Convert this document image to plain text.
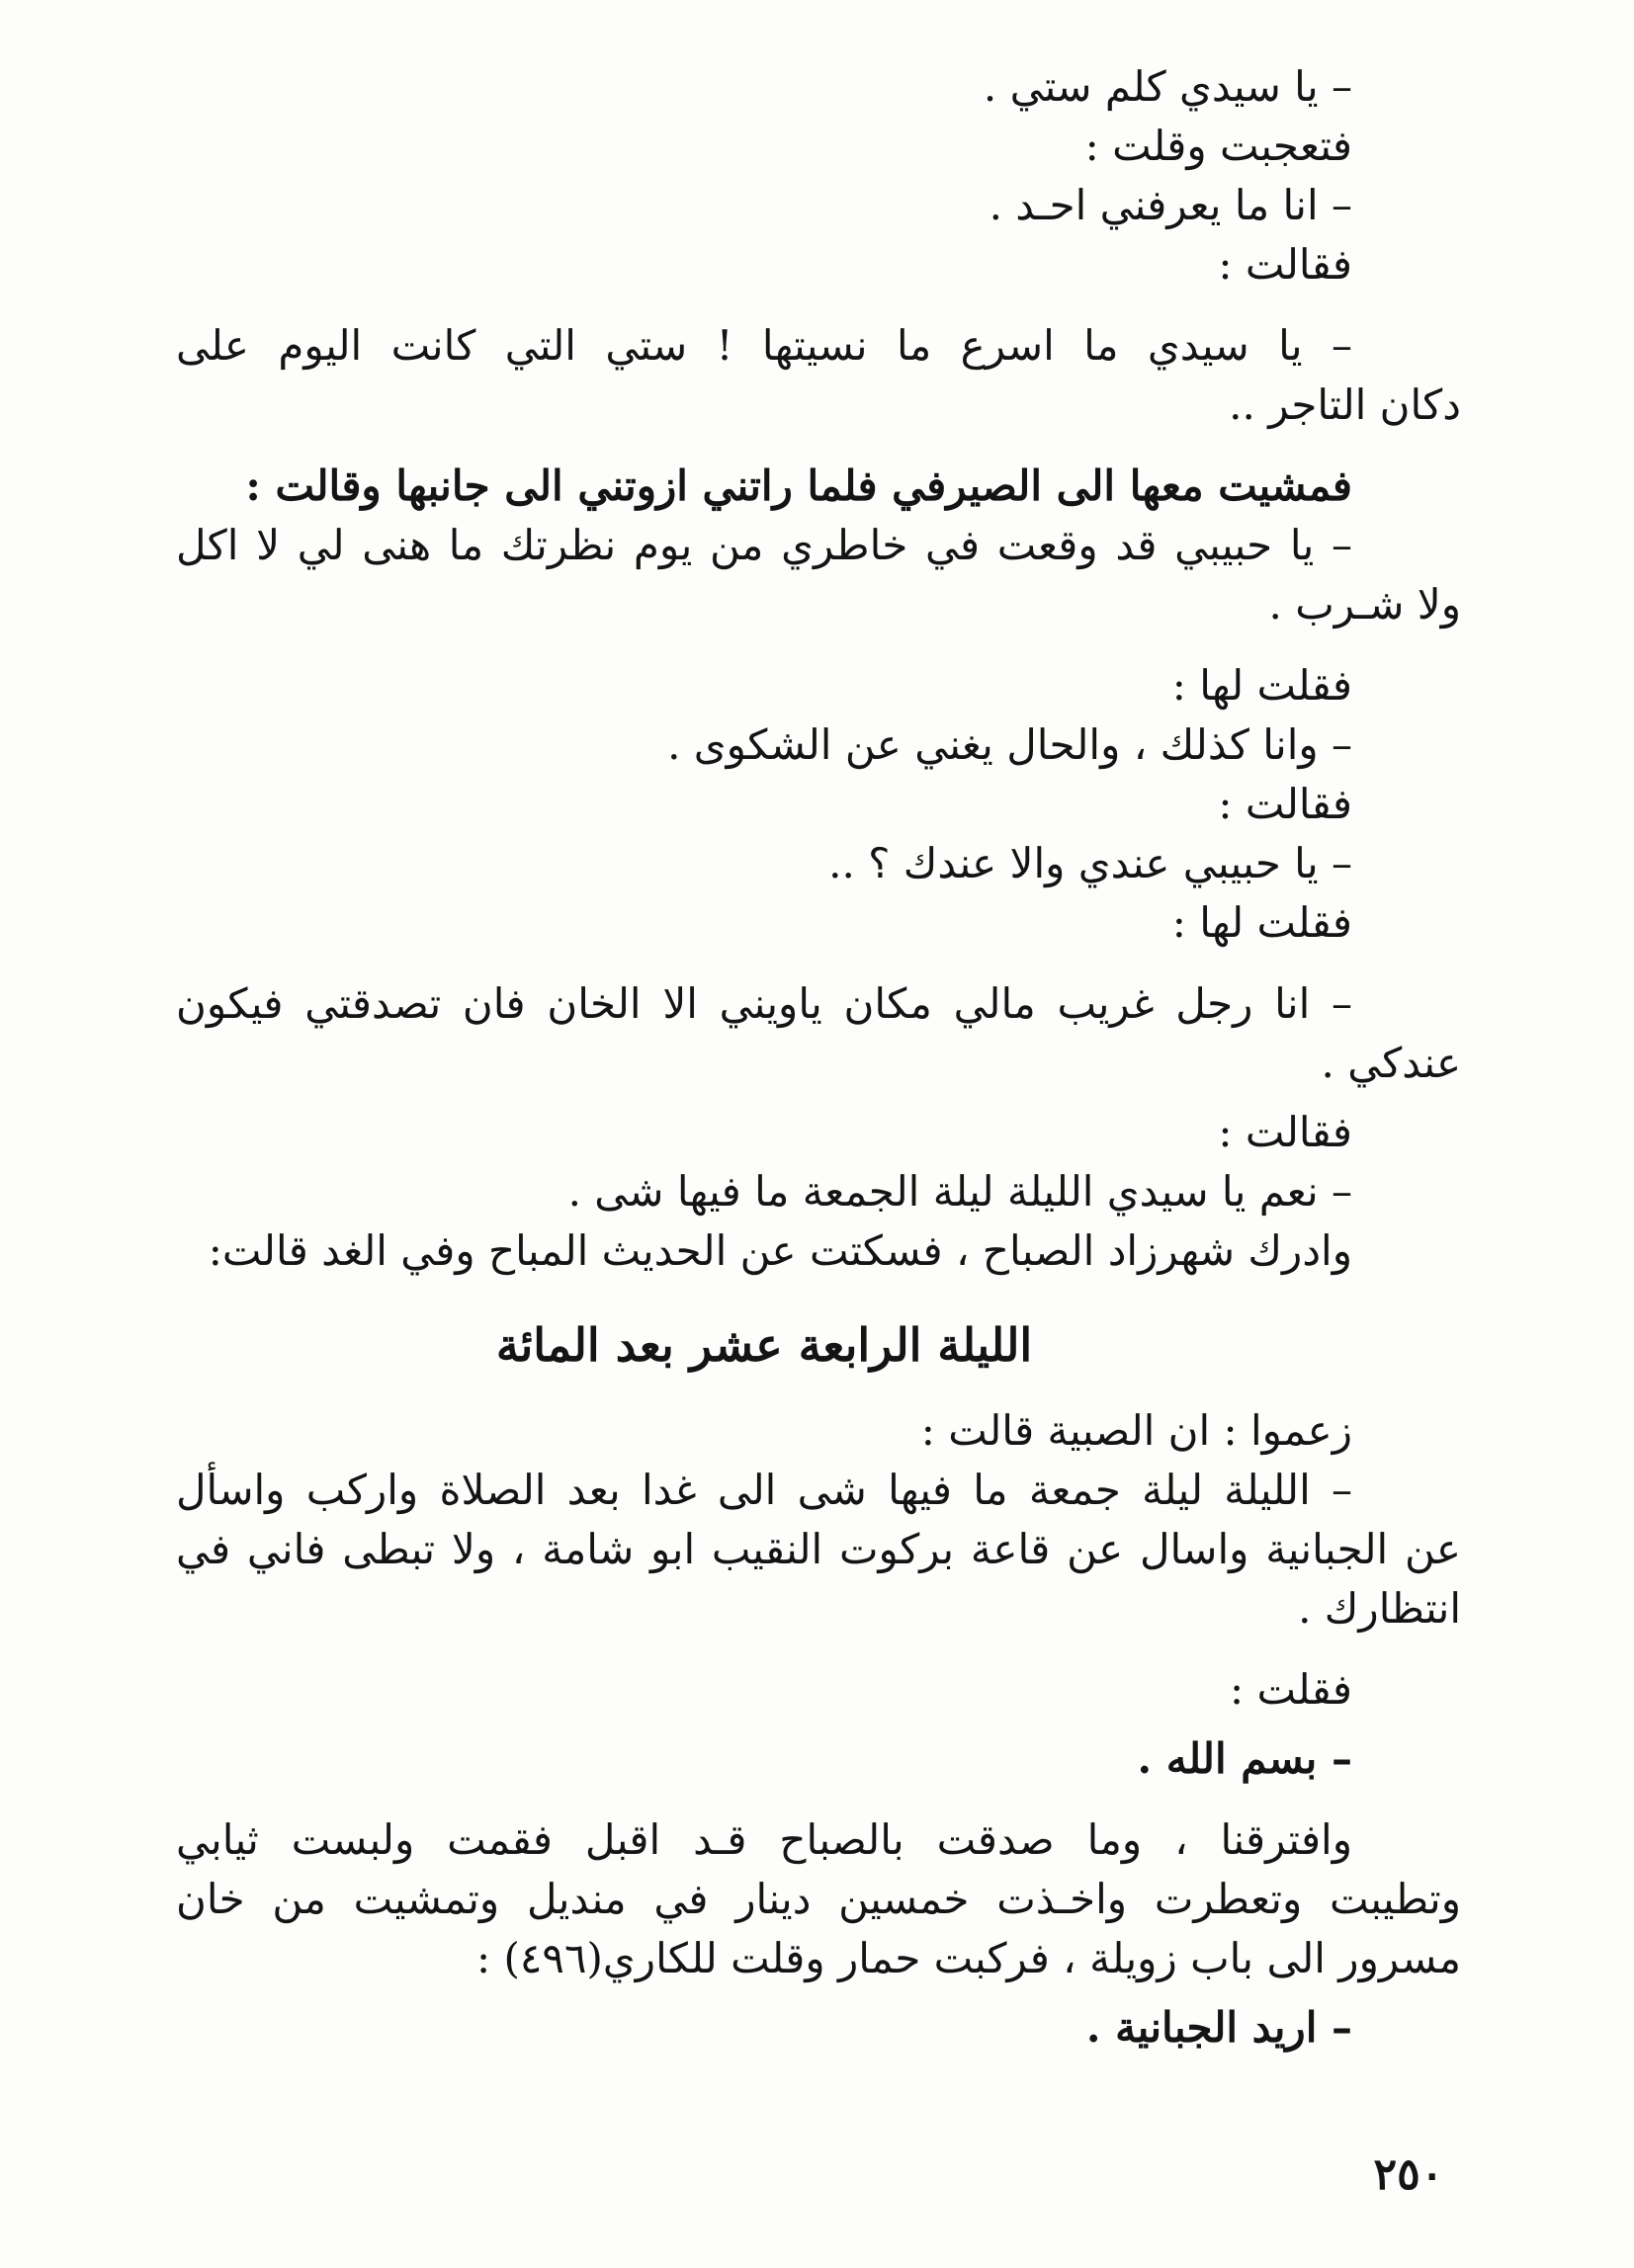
– يا سيدي كلم ستي .
فتعجبت وقلت :
– انا ما يعرفني احـد .
فقالت :
– يا سيدي ما اسرع ما نسيتها ! ستي التي كانت اليوم على
دكان التاجر ..
فمشيت معها الى الصيرفي فلما راتني ازوتني الى جانبها وقالت :
– يا حبيبي قد وقعت في خاطري من يوم نظرتك ما هنى لي لا اكل
ولا شـرب .
فقلت لها :
– وانا كذلك ، والحال يغني عن الشكوى .
فقالت :
– يا حبيبي عندي والا عندك ؟ ..
فقلت لها :
– انا رجل غريب مالي مكان ياويني الا الخان فان تصدقتي فيكون
عندكي .
فقالت :
– نعم يا سيدي الليلة ليلة الجمعة ما فيها شى .
وادرك شهرزاد الصباح ، فسكتت عن الحديث المباح وفي الغد قالت:
الليلة الرابعة عشر بعد المائة
زعموا : ان الصبية قالت :
– الليلة ليلة جمعة ما فيها شى الى غدا بعد الصلاة واركب واسأل
عن الجبانية واسال عن قاعة بركوت النقيب ابو شامة ، ولا تبطى فاني في
انتظارك .
فقلت :
– بسم الله .
وافترقنا ، وما صدقت بالصباح قـد اقبل فقمت ولبست ثيابي
وتطيبت وتعطرت واخـذت خمسين دينار في منديل وتمشيت من خان
مسرور الى باب زويلة ، فركبت حمار وقلت للكاري(٤٩٦) :
– اريد الجبانية .
٢٥٠
